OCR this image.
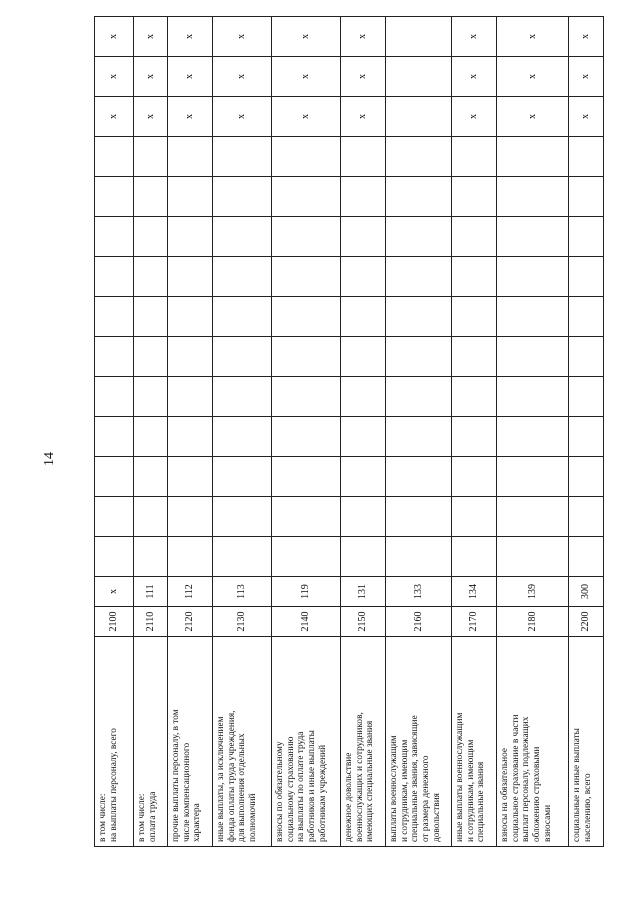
14
в том числе: на выплаты персоналу, всего	2100	x												x	x	x

в том числе: оплата труда	2110	111												x	x	x

прочие выплаты персоналу, в том числе компенсационного характера	2120	112												x	x	x

иные выплаты, за исключением фонда оплаты труда учреждения, для выполнения отдельных полномочий	2130	113												x	x	x

взносы по обязательному социальному страхованию на выплаты по оплате труда работников и иные выплаты работникам учреждений	2140	119												x	x	x

денежное довольствие военнослужащих и сотрудников, имеющих специальные звания	2150	131												x	x	x

выплаты военнослужащим и сотрудникам, имеющим специальные звания, зависящие от размера денежного довольствия	2160	133														

иные выплаты военнослужащим и сотрудникам, имеющим специальные звания	2170	134												x	x	x

взносы на обязательное социальное страхование в части выплат персоналу, подлежащих обложению страховыми взносами	2180	139												x	x	x

социальные и иные выплаты населению, всего	2200	300												x	x	x
